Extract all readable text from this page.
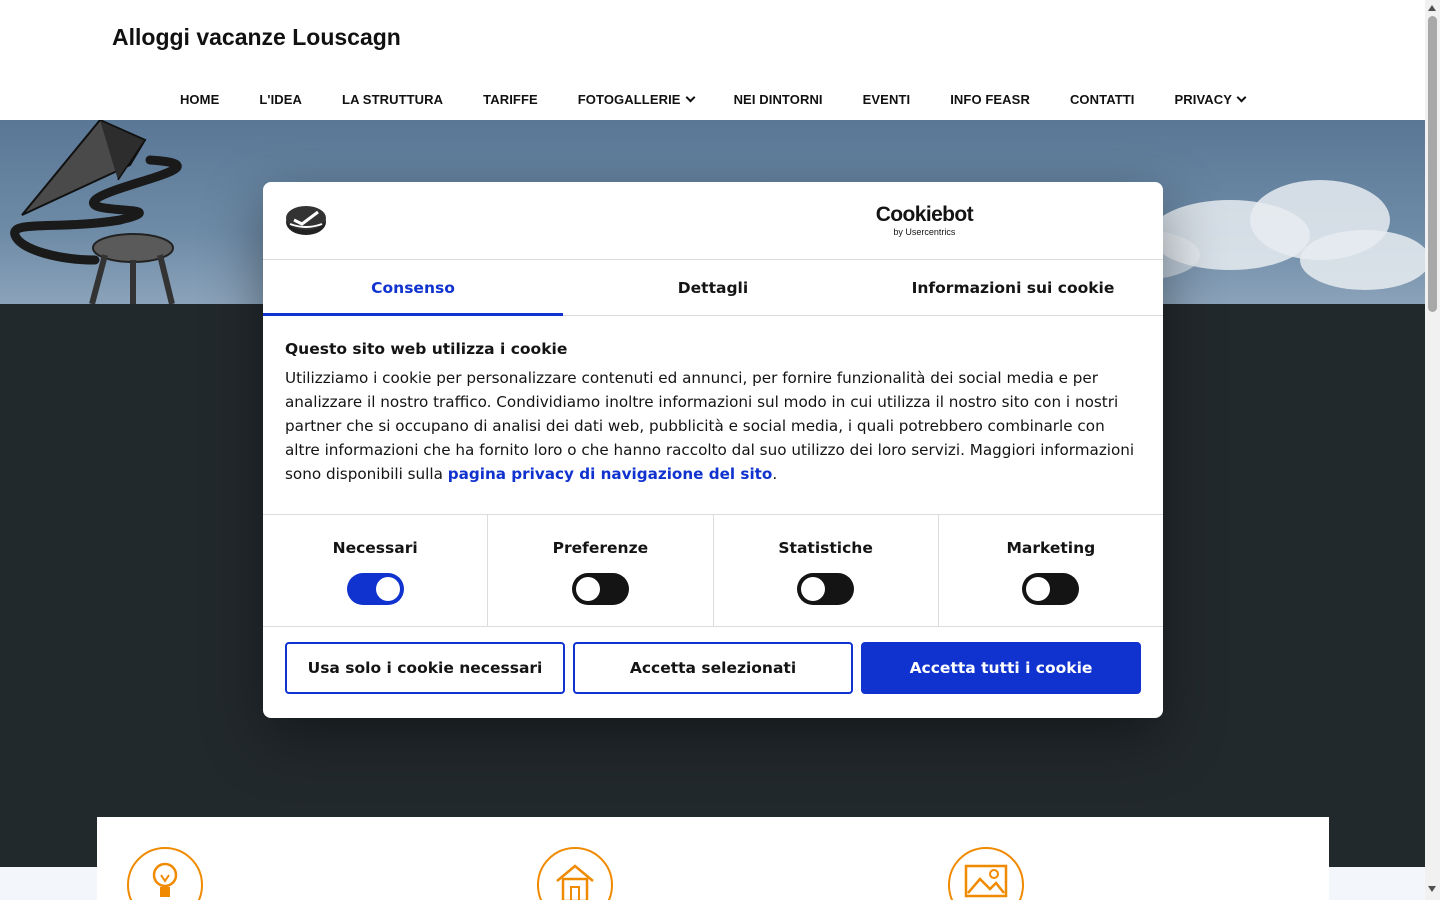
Alloggi vacanze Louscagn
HOME	L'IDEA	LA STRUTTURA	TARIFFE	FOTOGALLERIE	NEI DINTORNI	EVENTI	INFO FEASR	CONTATTI	PRIVACY
Cookiebot
by Usercentrics
Consenso	Dettagli	Informazioni sui cookie
Questo sito web utilizza i cookie
Utilizziamo i cookie per personalizzare contenuti ed annunci, per fornire funzionalità dei social media e per analizzare il nostro traffico. Condividiamo inoltre informazioni sul modo in cui utilizza il nostro sito con i nostri partner che si occupano di analisi dei dati web, pubblicità e social media, i quali potrebbero combinarle con altre informazioni che ha fornito loro o che hanno raccolto dal suo utilizzo dei loro servizi. Maggiori informazioni sono disponibili sulla pagina privacy di navigazione del sito.
Necessari	Preferenze	Statistiche	Marketing
Usa solo i cookie necessari	Accetta selezionati	Accetta tutti i cookie
